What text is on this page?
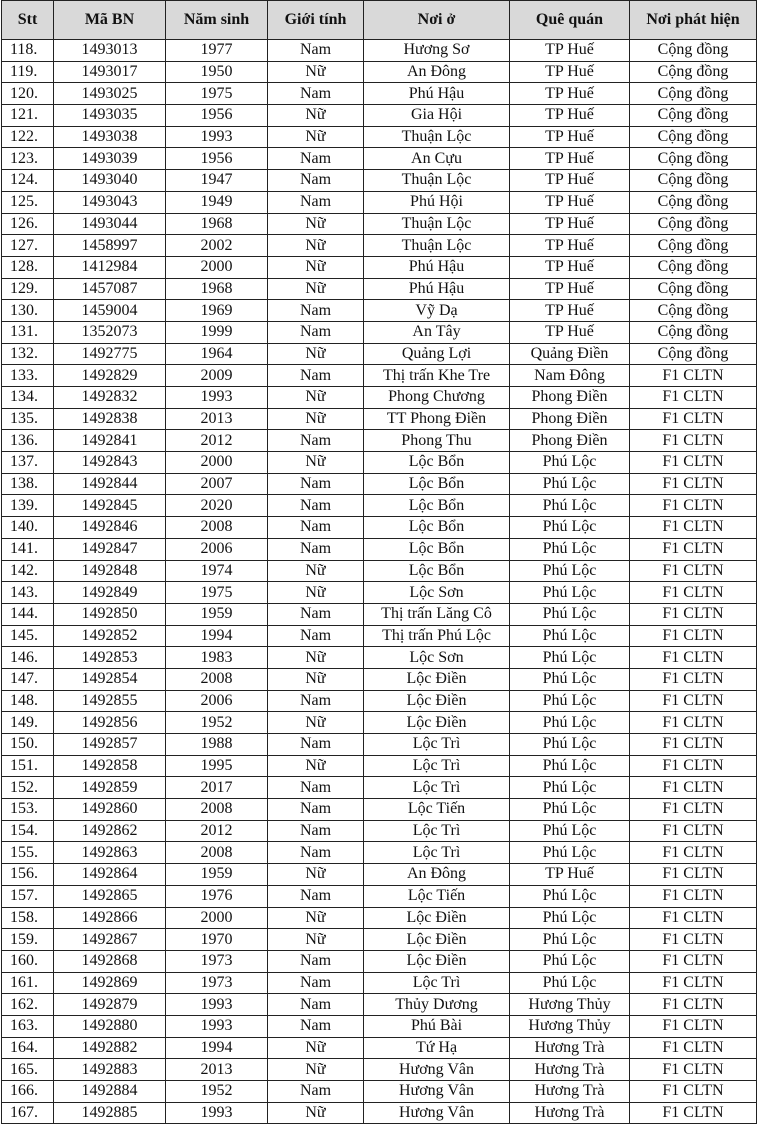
Stt	Mã BN	Năm sinh	Giới tính	Nơi ở	Quê quán	Nơi phát hiện
118.	1493013	1977	Nam	Hương Sơ	TP Huế	Cộng đồng
119.	1493017	1950	Nữ	An Đông	TP Huế	Cộng đồng
120.	1493025	1975	Nam	Phú Hậu	TP Huế	Cộng đồng
121.	1493035	1956	Nữ	Gia Hội	TP Huế	Cộng đồng
122.	1493038	1993	Nữ	Thuận Lộc	TP Huế	Cộng đồng
123.	1493039	1956	Nam	An Cựu	TP Huế	Cộng đồng
124.	1493040	1947	Nam	Thuận Lộc	TP Huế	Cộng đồng
125.	1493043	1949	Nam	Phú Hội	TP Huế	Cộng đồng
126.	1493044	1968	Nữ	Thuận Lộc	TP Huế	Cộng đồng
127.	1458997	2002	Nữ	Thuận Lộc	TP Huế	Cộng đồng
128.	1412984	2000	Nữ	Phú Hậu	TP Huế	Cộng đồng
129.	1457087	1968	Nữ	Phú Hậu	TP Huế	Cộng đồng
130.	1459004	1969	Nam	Vỹ Dạ	TP Huế	Cộng đồng
131.	1352073	1999	Nam	An Tây	TP Huế	Cộng đồng
132.	1492775	1964	Nữ	Quảng Lợi	Quảng Điền	Cộng đồng
133.	1492829	2009	Nam	Thị trấn Khe Tre	Nam Đông	F1 CLTN
134.	1492832	1993	Nữ	Phong Chương	Phong Điền	F1 CLTN
135.	1492838	2013	Nữ	TT Phong Điền	Phong Điền	F1 CLTN
136.	1492841	2012	Nam	Phong Thu	Phong Điền	F1 CLTN
137.	1492843	2000	Nữ	Lộc Bổn	Phú Lộc	F1 CLTN
138.	1492844	2007	Nam	Lộc Bổn	Phú Lộc	F1 CLTN
139.	1492845	2020	Nam	Lộc Bổn	Phú Lộc	F1 CLTN
140.	1492846	2008	Nam	Lộc Bổn	Phú Lộc	F1 CLTN
141.	1492847	2006	Nam	Lộc Bổn	Phú Lộc	F1 CLTN
142.	1492848	1974	Nữ	Lộc Bổn	Phú Lộc	F1 CLTN
143.	1492849	1975	Nữ	Lộc Sơn	Phú Lộc	F1 CLTN
144.	1492850	1959	Nam	Thị trấn Lăng Cô	Phú Lộc	F1 CLTN
145.	1492852	1994	Nam	Thị trấn Phú Lộc	Phú Lộc	F1 CLTN
146.	1492853	1983	Nữ	Lộc Sơn	Phú Lộc	F1 CLTN
147.	1492854	2008	Nữ	Lộc Điền	Phú Lộc	F1 CLTN
148.	1492855	2006	Nam	Lộc Điền	Phú Lộc	F1 CLTN
149.	1492856	1952	Nữ	Lộc Điền	Phú Lộc	F1 CLTN
150.	1492857	1988	Nam	Lộc Trì	Phú Lộc	F1 CLTN
151.	1492858	1995	Nữ	Lộc Trì	Phú Lộc	F1 CLTN
152.	1492859	2017	Nam	Lộc Trì	Phú Lộc	F1 CLTN
153.	1492860	2008	Nam	Lộc Tiến	Phú Lộc	F1 CLTN
154.	1492862	2012	Nam	Lộc Trì	Phú Lộc	F1 CLTN
155.	1492863	2008	Nam	Lộc Trì	Phú Lộc	F1 CLTN
156.	1492864	1959	Nữ	An Đông	TP Huế	F1 CLTN
157.	1492865	1976	Nam	Lộc Tiến	Phú Lộc	F1 CLTN
158.	1492866	2000	Nữ	Lộc Điền	Phú Lộc	F1 CLTN
159.	1492867	1970	Nữ	Lộc Điền	Phú Lộc	F1 CLTN
160.	1492868	1973	Nam	Lộc Điền	Phú Lộc	F1 CLTN
161.	1492869	1973	Nam	Lộc Trì	Phú Lộc	F1 CLTN
162.	1492879	1993	Nam	Thủy Dương	Hương Thủy	F1 CLTN
163.	1492880	1993	Nam	Phú Bài	Hương Thủy	F1 CLTN
164.	1492882	1994	Nữ	Tứ Hạ	Hương Trà	F1 CLTN
165.	1492883	2013	Nữ	Hương Vân	Hương Trà	F1 CLTN
166.	1492884	1952	Nam	Hương Vân	Hương Trà	F1 CLTN
167.	1492885	1993	Nữ	Hương Vân	Hương Trà	F1 CLTN
